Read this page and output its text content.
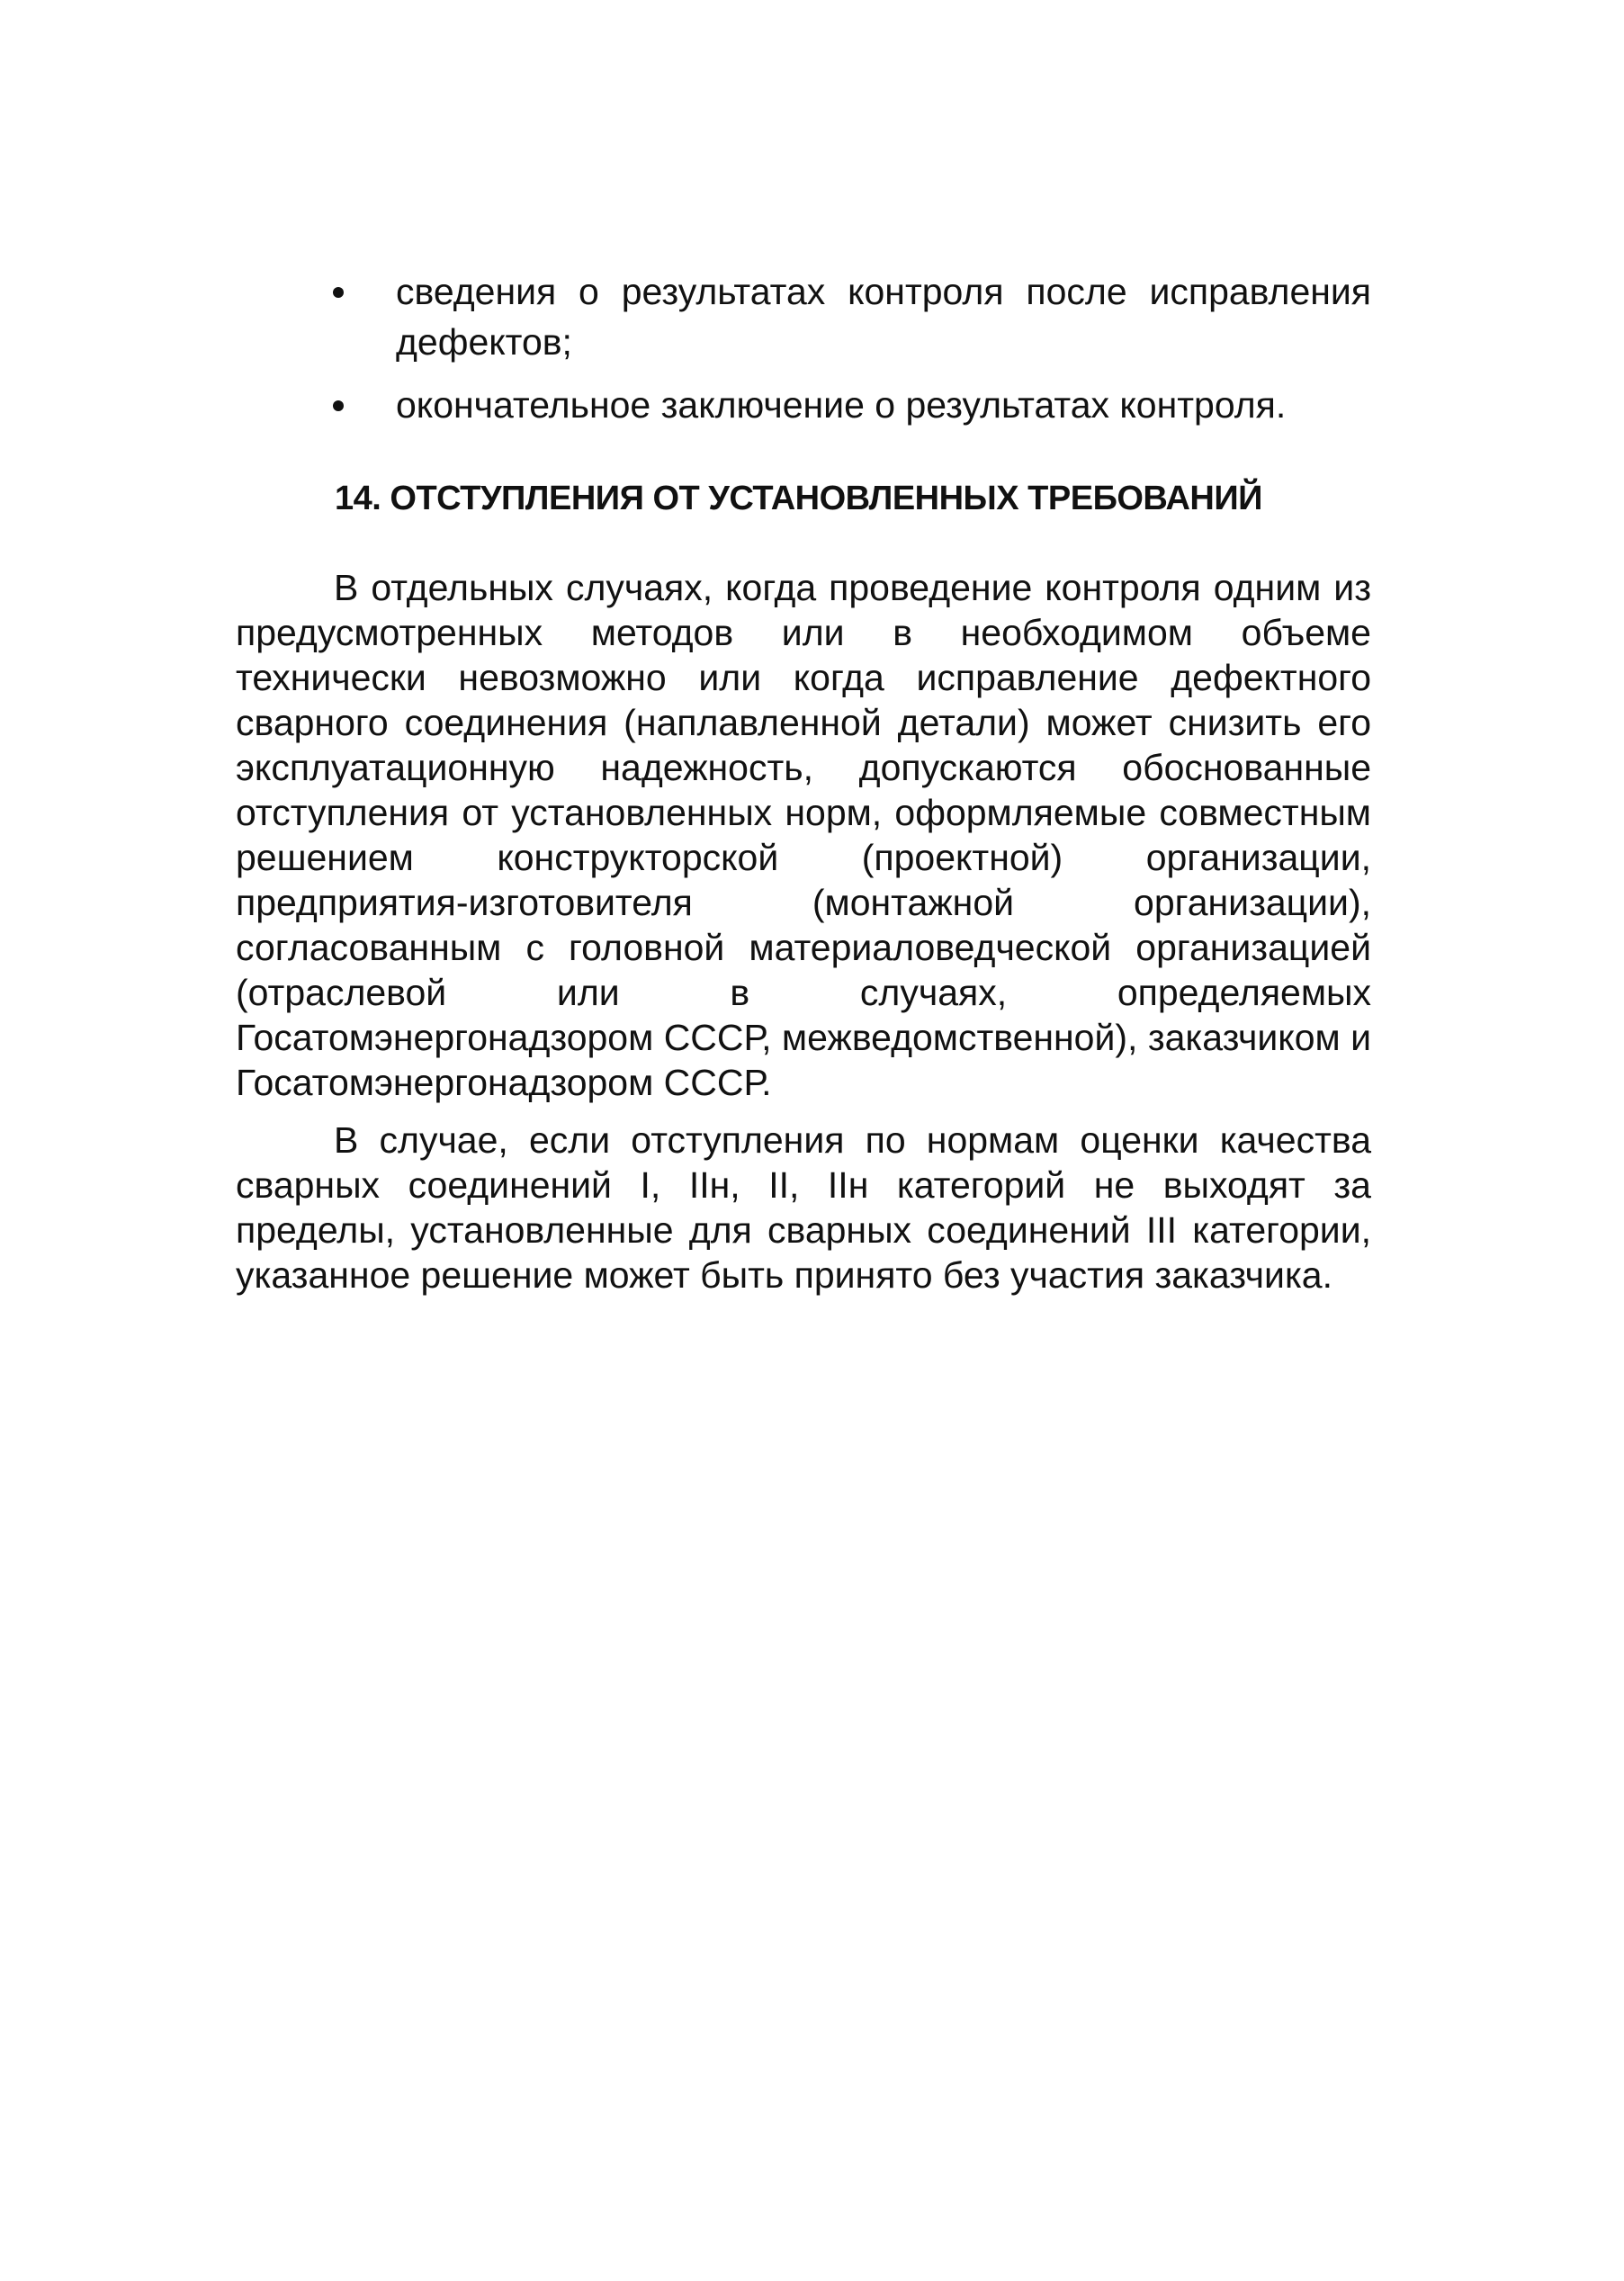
сведения о результатах контроля после исправления дефектов;
окончательное заключение о результатах контроля.
14. ОТСТУПЛЕНИЯ ОТ УСТАНОВЛЕННЫХ ТРЕБОВАНИЙ

В отдельных случаях, когда проведение контроля одним из предусмотренных методов или в необходимом объеме технически невозможно или когда исправление дефектного сварного соединения (наплавленной детали) может снизить его эксплуатационную надежность, допускаются обоснованные отступления от установленных норм, оформляемые совместным решением конструкторской (проектной) организации, предприятия-изготовителя (монтажной организации), согласованным с головной материаловедческой организацией (отраслевой или в случаях, определяемых Госатомэнергонадзором СССР, межведомственной), заказчиком и Госатомэнергонадзором СССР.

В случае, если отступления по нормам оценки качества сварных соединений I, IIн, II, IIн категорий не выходят за пределы, установленные для сварных соединений III категории, указанное решение может быть принято без участия заказчика.
